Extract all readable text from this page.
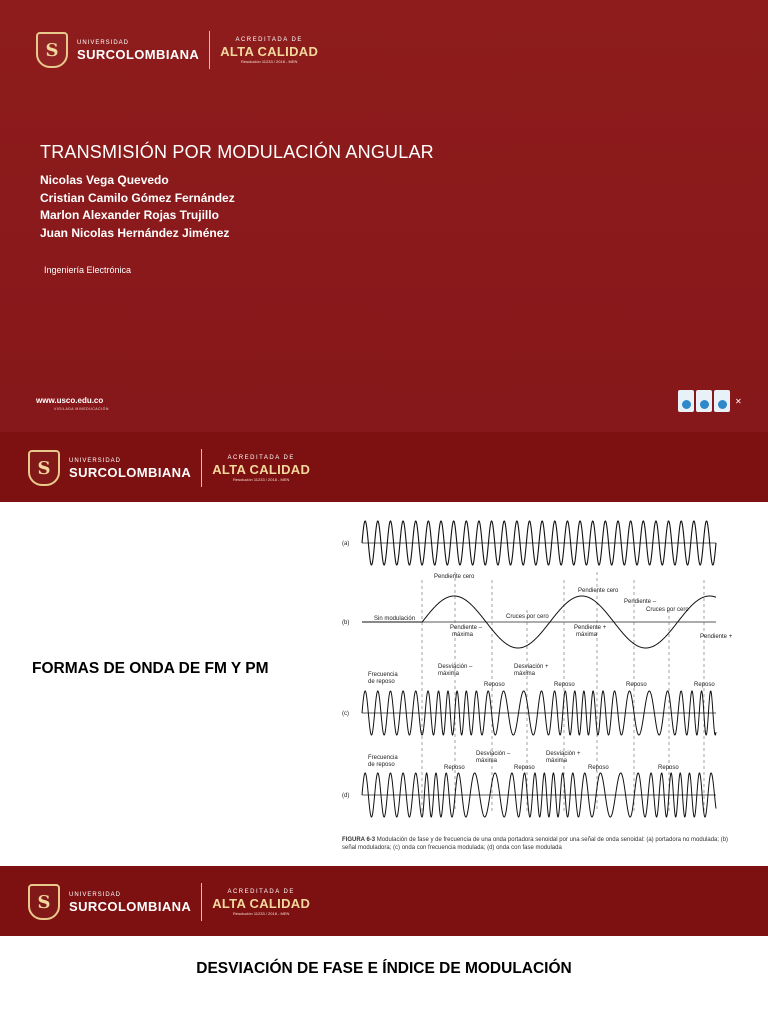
S	UNIVERSIDAD
SURCOLOMBIANA
ACREDITADA DE
ALTA CALIDAD
Resolución 11233 / 2018 - MEN
TRANSMISIÓN POR MODULACIÓN ANGULAR
Nicolas Vega Quevedo
Cristian Camilo Gómez Fernández
Marlon Alexander Rojas Trujillo
Juan Nicolas Hernández Jiménez
Ingeniería Electrónica
www.usco.edu.co
VIGILADA MINEDUCACIÓN
✕
S	UNIVERSIDAD
SURCOLOMBIANA
ACREDITADA DE
ALTA CALIDAD
Resolución 11233 / 2018 - MEN
FORMAS DE ONDA DE FM Y PM
(a)
(b)
(c)
(d)
Sin modulación
Pendiente cero
Pendiente cero
Cruces por cero
Cruces por cero
Pendiente –
máxima
Pendiente +
máxima
Pendiente –
Pendiente +
Frecuencia
de reposo
Desviación –
máxima
Desviación +
máxima
Reposo	Reposo	Reposo	Reposo
Frecuencia
de reposo
Desviación –
máxima
Desviación +
máxima
Reposo	Reposo	Reposo	Reposo
FIGURA 6-3 Modulación de fase y de frecuencia de una onda portadora senoidal por una señal de onda senoidal: (a) portadora no modulada; (b) señal moduladora; (c) onda con frecuencia modulada; (d) onda con fase modulada
S	UNIVERSIDAD
SURCOLOMBIANA
ACREDITADA DE
ALTA CALIDAD
Resolución 11233 / 2018 - MEN
DESVIACIÓN DE FASE E ÍNDICE DE MODULACIÓN
